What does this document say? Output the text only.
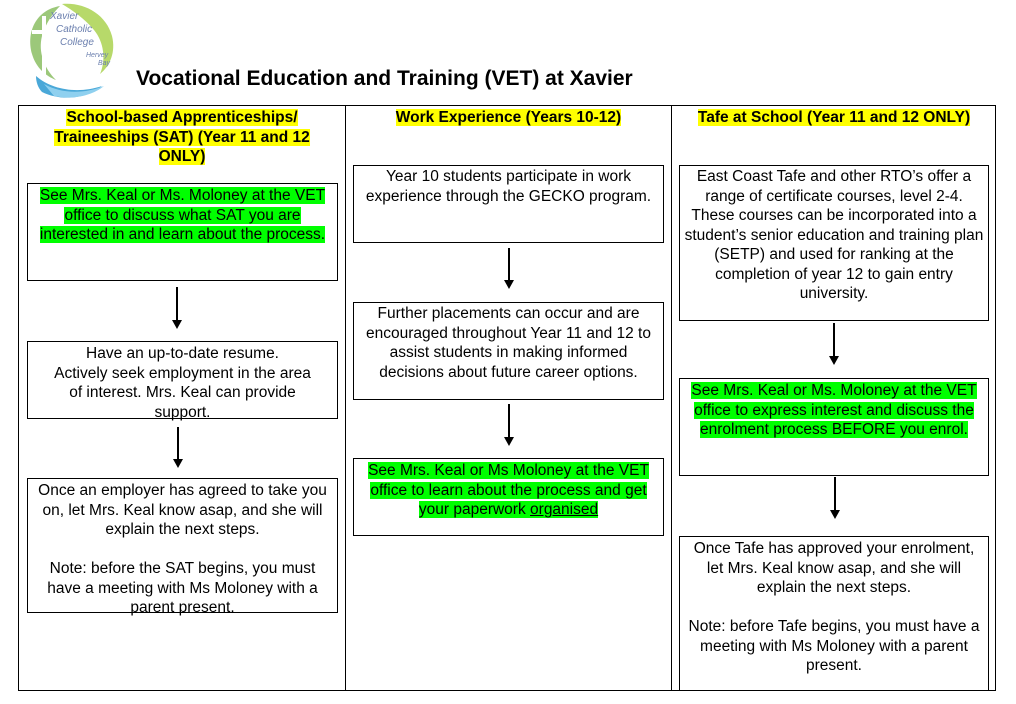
Xavier
Catholic
College
Hervey
Bay
Vocational Education and Training (VET) at Xavier
School-based Apprenticeships/
Traineeships (SAT) (Year 11 and 12
ONLY)
See Mrs. Keal or Ms. Moloney at the VET office to discuss what SAT you are interested in and learn about the process.

Have an up-to-date resume.

Actively seek employment in the area

of interest. Mrs. Keal can provide

support.

Once an employer has agreed to take you on, let Mrs. Keal know asap, and she will explain the next steps.

Note: before the SAT begins, you must have a meeting with Ms Moloney with a parent present.

Work Experience (Years 10-12)
Year 10 students participate in work experience through the GECKO program.
Further placements can occur and are encouraged throughout Year 11 and 12 to assist students in making informed decisions about future career options.
See Mrs. Keal or Ms Moloney at the VET office to learn about the process and get your paperwork organised
Tafe at School (Year 11 and 12 ONLY)
East Coast Tafe and other RTO’s offer a range of certificate courses, level 2-4. These courses can be incorporated into a student’s senior education and training plan (SETP) and used for ranking at the completion of year 12 to gain entry university.
See Mrs. Keal or Ms. Moloney at the VET office to express interest and discuss the enrolment process BEFORE you enrol.

Once Tafe has approved your enrolment, let Mrs. Keal know asap, and she will explain the next steps.

Note: before Tafe begins, you must have a meeting with Ms Moloney with a parent present.
